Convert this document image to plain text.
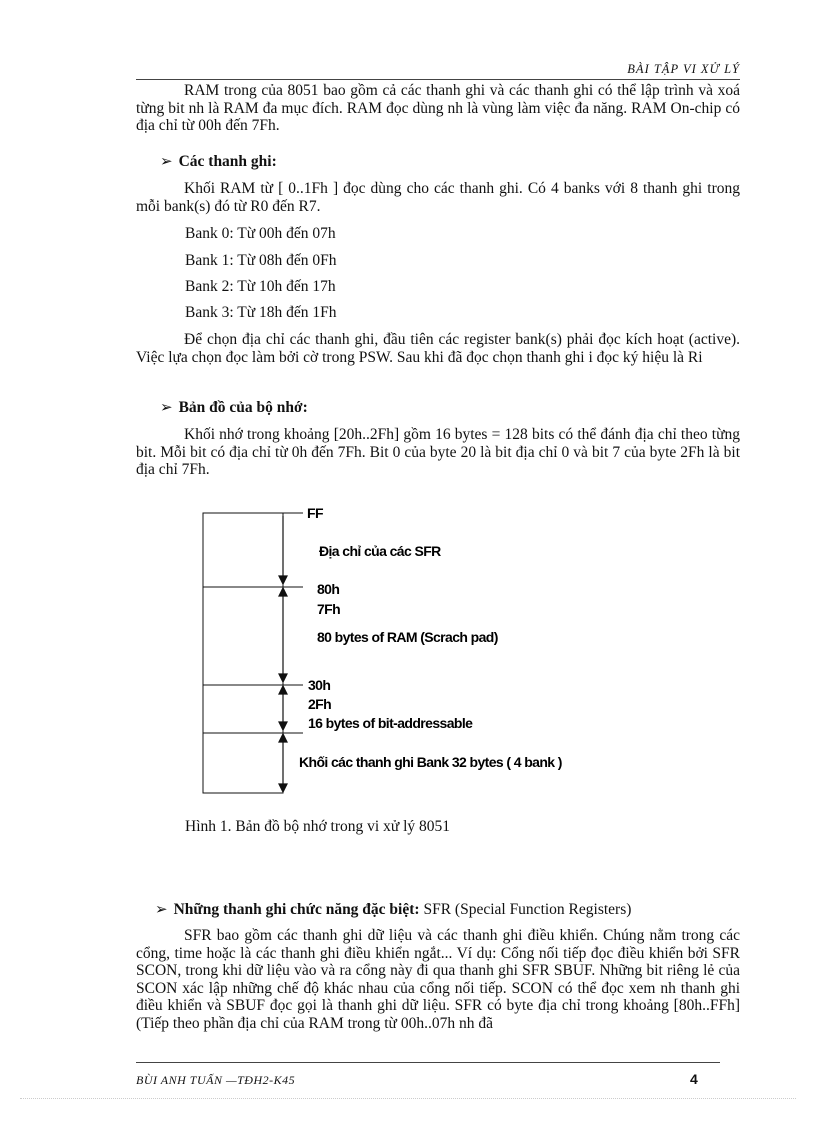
BÀI TẬP VI XỬ LÝ

RAM trong của 8051 bao gồm cả các thanh ghi và các thanh ghi có thể lập trình và xoá từng bit nh là RAM đa mục đích. RAM đọc dùng nh là vùng làm việc đa năng. RAM On-chip có địa chỉ từ 00h đến 7Fh.

➢ Các thanh ghi:

Khối RAM từ [ 0..1Fh ] đọc dùng cho các thanh ghi. Có 4 banks với 8 thanh ghi trong mỗi bank(s) đó từ R0 đến R7.

Bank 0: Từ 00h đến 07h

Bank 1: Từ 08h đến 0Fh

Bank 2: Từ 10h đến 17h

Bank 3: Từ 18h đến 1Fh

Để chọn địa chỉ các thanh ghi, đầu tiên các register bank(s) phải đọc kích hoạt (active). Việc lựa chọn đọc làm bởi cờ trong PSW. Sau khi đã đọc chọn thanh ghi i đọc ký hiệu là Ri

➢ Bản đồ của bộ nhớ:

Khối nhớ trong khoảng [20h..2Fh] gồm 16 bytes = 128 bits có thể đánh địa chỉ theo từng bit. Mỗi bit có địa chỉ từ 0h đến 7Fh. Bit 0 của byte 20 là bit địa chỉ 0 và bit 7 của byte 2Fh là bit địa chỉ 7Fh.

FF
Địa chỉ của các SFR
80h
7Fh
80 bytes of RAM (Scrach pad)
30h
2Fh
16 bytes of bit-addressable
Khối các thanh ghi Bank 32 bytes ( 4 bank )

Hình 1. Bản đồ bộ nhớ trong vi xử lý 8051

➢ Những thanh ghi chức năng đặc biệt: SFR (Special Function Registers)

SFR bao gồm các thanh ghi dữ liệu và các thanh ghi điều khiển. Chúng nằm trong các cổng, time hoặc là các thanh ghi điều khiển ngắt... Ví dụ: Cổng nối tiếp đọc điều khiển bởi SFR SCON, trong khi dữ liệu vào và ra cổng này đi qua thanh ghi SFR SBUF. Những bit riêng lẻ của SCON xác lập những chế độ khác nhau của cổng nối tiếp. SCON có thể đọc xem nh thanh ghi điều khiển và SBUF đọc gọi là thanh ghi dữ liệu. SFR có byte địa chỉ trong khoảng [80h..FFh] (Tiếp theo phần địa chỉ của RAM trong từ 00h..07h nh đã

BÙI ANH TUẤN —TĐH2-K45	4
